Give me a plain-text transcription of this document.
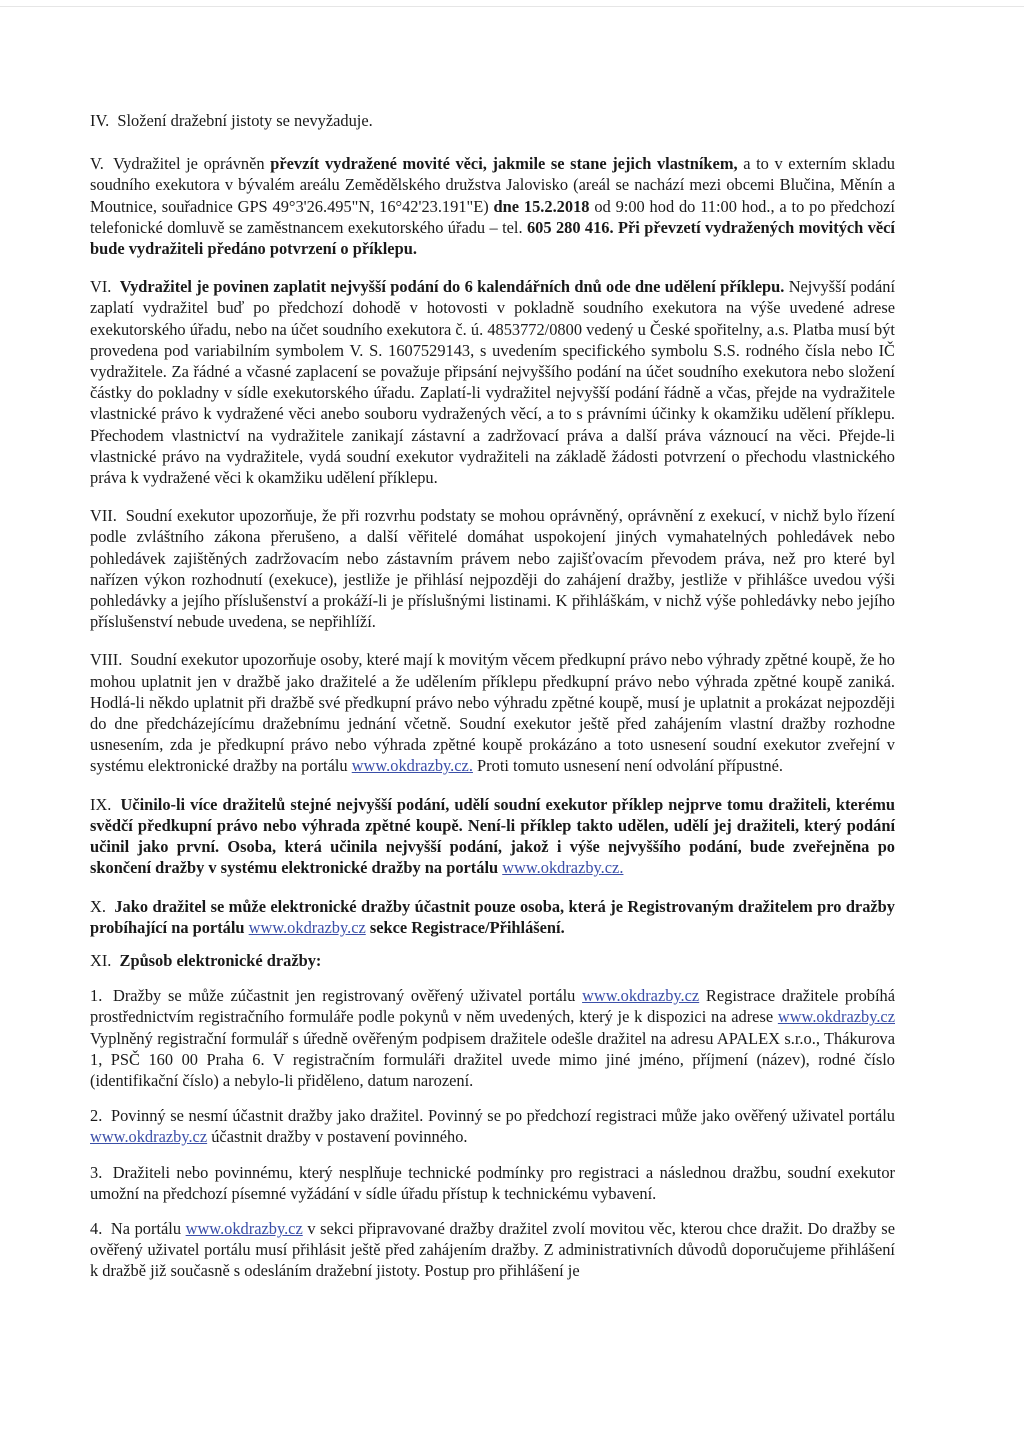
IV. Složení dražební jistoty se nevyžaduje.

V. Vydražitel je oprávněn převzít vydražené movité věci, jakmile se stane jejich vlastníkem, a to v externím skladu soudního exekutora v bývalém areálu Zemědělského družstva Jalovisko (areál se nachází mezi obcemi Blučina, Měnín a Moutnice, souřadnice GPS 49°3'26.495"N, 16°42'23.191"E) dne 15.2.2018 od 9:00 hod do 11:00 hod., a to po předchozí telefonické domluvě se zaměstnancem exekutorského úřadu – tel. 605 280 416. Při převzetí vydražených movitých věcí bude vydražiteli předáno potvrzení o příklepu.

VI. Vydražitel je povinen zaplatit nejvyšší podání do 6 kalendářních dnů ode dne udělení příklepu. Nejvyšší podání zaplatí vydražitel buď po předchozí dohodě v hotovosti v pokladně soudního exekutora na výše uvedené adrese exekutorského úřadu, nebo na účet soudního exekutora č. ú. 4853772/0800 vedený u České spořitelny, a.s. Platba musí být provedena pod variabilním symbolem V. S. 1607529143, s uvedením specifického symbolu S.S. rodného čísla nebo IČ vydražitele. Za řádné a včasné zaplacení se považuje připsání nejvyššího podání na účet soudního exekutora nebo složení částky do pokladny v sídle exekutorského úřadu. Zaplatí-li vydražitel nejvyšší podání řádně a včas, přejde na vydražitele vlastnické právo k vydražené věci anebo souboru vydražených věcí, a to s právními účinky k okamžiku udělení příklepu. Přechodem vlastnictví na vydražitele zanikají zástavní a zadržovací práva a další práva váznoucí na věci. Přejde-li vlastnické právo na vydražitele, vydá soudní exekutor vydražiteli na základě žádosti potvrzení o přechodu vlastnického práva k vydražené věci k okamžiku udělení příklepu.

VII. Soudní exekutor upozorňuje, že při rozvrhu podstaty se mohou oprávněný, oprávnění z exekucí, v nichž bylo řízení podle zvláštního zákona přerušeno, a další věřitelé domáhat uspokojení jiných vymahatelných pohledávek nebo pohledávek zajištěných zadržovacím nebo zástavním právem nebo zajišťovacím převodem práva, než pro které byl nařízen výkon rozhodnutí (exekuce), jestliže je přihlásí nejpozději do zahájení dražby, jestliže v přihlášce uvedou výši pohledávky a jejího příslušenství a prokáží-li je příslušnými listinami. K přihláškám, v nichž výše pohledávky nebo jejího příslušenství nebude uvedena, se nepřihlíží.

VIII. Soudní exekutor upozorňuje osoby, které mají k movitým věcem předkupní právo nebo výhrady zpětné koupě, že ho mohou uplatnit jen v dražbě jako dražitelé a že udělením příklepu předkupní právo nebo výhrada zpětné koupě zaniká. Hodlá-li někdo uplatnit při dražbě své předkupní právo nebo výhradu zpětné koupě, musí je uplatnit a prokázat nejpozději do dne předcházejícímu dražebnímu jednání včetně. Soudní exekutor ještě před zahájením vlastní dražby rozhodne usnesením, zda je předkupní právo nebo výhrada zpětné koupě prokázáno a toto usnesení soudní exekutor zveřejní v systému elektronické dražby na portálu www.okdrazby.cz. Proti tomuto usnesení není odvolání přípustné.

IX. Učinilo-li více dražitelů stejné nejvyšší podání, udělí soudní exekutor příklep nejprve tomu dražiteli, kterému svědčí předkupní právo nebo výhrada zpětné koupě. Není-li příklep takto udělen, udělí jej dražiteli, který podání učinil jako první. Osoba, která učinila nejvyšší podání, jakož i výše nejvyššího podání, bude zveřejněna po skončení dražby v systému elektronické dražby na portálu www.okdrazby.cz.

X. Jako dražitel se může elektronické dražby účastnit pouze osoba, která je Registrovaným dražitelem pro dražby probíhající na portálu www.okdrazby.cz sekce Registrace/Přihlášení.

XI. Způsob elektronické dražby:

1. Dražby se může zúčastnit jen registrovaný ověřený uživatel portálu www.okdrazby.cz Registrace dražitele probíhá prostřednictvím registračního formuláře podle pokynů v něm uvedených, který je k dispozici na adrese www.okdrazby.cz Vyplněný registrační formulář s úředně ověřeným podpisem dražitele odešle dražitel na adresu APALEX s.r.o., Thákurova 1, PSČ 160 00 Praha 6. V registračním formuláři dražitel uvede mimo jiné jméno, příjmení (název), rodné číslo (identifikační číslo) a nebylo-li přiděleno, datum narození.

2. Povinný se nesmí účastnit dražby jako dražitel. Povinný se po předchozí registraci může jako ověřený uživatel portálu www.okdrazby.cz účastnit dražby v postavení povinného.

3. Dražiteli nebo povinnému, který nesplňuje technické podmínky pro registraci a následnou dražbu, soudní exekutor umožní na předchozí písemné vyžádání v sídle úřadu přístup k technickému vybavení.

4. Na portálu www.okdrazby.cz v sekci připravované dražby dražitel zvolí movitou věc, kterou chce dražit. Do dražby se ověřený uživatel portálu musí přihlásit ještě před zahájením dražby. Z administrativních důvodů doporučujeme přihlášení k dražbě již současně s odesláním dražební jistoty. Postup pro přihlášení je
